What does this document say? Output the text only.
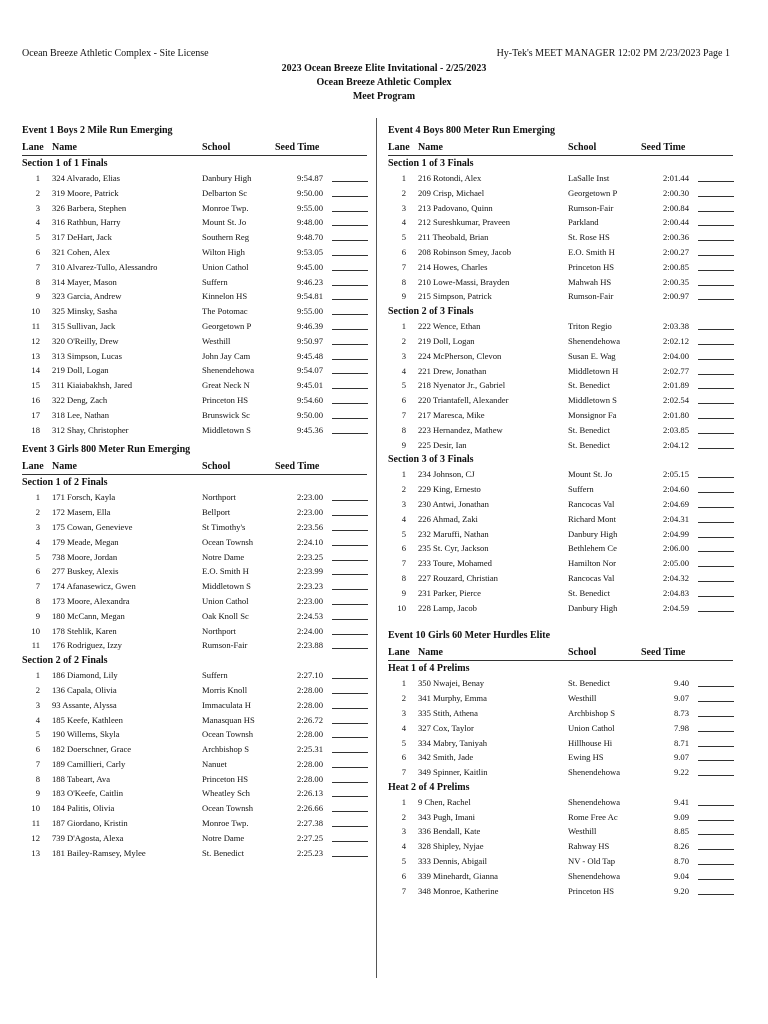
Ocean Breeze Athletic Complex - Site License	Hy-Tek's MEET MANAGER 12:02 PM 2/23/2023 Page 1
2023 Ocean Breeze Elite Invitational - 2/25/2023
Ocean Breeze Athletic Complex
Meet Program
Event 1 Boys 2 Mile Run Emerging
Lane Name	School	Seed Time
Section 1 of 1 Finals
1 324 Alvarado, Elias	Danbury High	9:54.87
2 319 Moore, Patrick	Delbarton Sc	9:50.00
3 326 Barbera, Stephen	Monroe Twp.	9:55.00
4 316 Rathbun, Harry	Mount St. Jo	9:48.00
5 317 DeHart, Jack	Southern Reg	9:48.70
6 321 Cohen, Alex	Wilton High	9:53.05
7 310 Alvarez-Tullo, Alessandro	Union Cathol	9:45.00
8 314 Mayer, Mason	Suffern	9:46.23
9 323 Garcia, Andrew	Kinnelon HS	9:54.81
10 325 Minsky, Sasha	The Potomac	9:55.00
11 315 Sullivan, Jack	Georgetown P	9:46.39
12 320 O'Reilly, Drew	Westhill	9:50.97
13 313 Simpson, Lucas	John Jay Cam	9:45.48
14 219 Doll, Logan	Shenendehowa	9:54.07
15 311 Kiaiabakhsh, Jared	Great Neck N	9:45.01
16 322 Deng, Zach	Princeton HS	9:54.60
17 318 Lee, Nathan	Brunswick Sc	9:50.00
18 312 Shay, Christopher	Middletown S	9:45.36
Event 3 Girls 800 Meter Run Emerging
Lane Name	School	Seed Time
Section 1 of 2 Finals
1 171 Forsch, Kayla	Northport	2:23.00
2 172 Masem, Ella	Bellport	2:23.00
3 175 Cowan, Genevieve	St Timothy's	2:23.56
4 179 Meade, Megan	Ocean Townsh	2:24.10
5 738 Moore, Jordan	Notre Dame	2:23.25
6 277 Buskey, Alexis	E.O. Smith H	2:23.99
7 174 Afanasewicz, Gwen	Middletown S	2:23.23
8 173 Moore, Alexandra	Union Cathol	2:23.00
9 180 McCann, Megan	Oak Knoll Sc	2:24.53
10 178 Stehlik, Karen	Northport	2:24.00
11 176 Rodriguez, Izzy	Rumson-Fair	2:23.88
Section 2 of 2 Finals
1 186 Diamond, Lily	Suffern	2:27.10
2 136 Capala, Olivia	Morris Knoll	2:28.00
3 93 Assante, Alyssa	Immaculata H	2:28.00
4 185 Keefe, Kathleen	Manasquan HS	2:26.72
5 190 Willems, Skyla	Ocean Townsh	2:28.00
6 182 Doerschner, Grace	Archbishop S	2:25.31
7 189 Camillieri, Carly	Nanuet	2:28.00
8 188 Tabeart, Ava	Princeton HS	2:28.00
9 183 O'Keefe, Caitlin	Wheatley Sch	2:26.13
10 184 Palitis, Olivia	Ocean Townsh	2:26.66
11 187 Giordano, Kristin	Monroe Twp.	2:27.38
12 739 D'Agosta, Alexa	Notre Dame	2:27.25
13 181 Bailey-Ramsey, Mylee	St. Benedict	2:25.23
Event 4 Boys 800 Meter Run Emerging
Lane Name	School	Seed Time
Section 1 of 3 Finals
1 216 Rotondi, Alex	LaSalle Inst	2:01.44
2 209 Crisp, Michael	Georgetown P	2:00.30
3 213 Padovano, Quinn	Rumson-Fair	2:00.84
4 212 Sureshkumar, Praveen	Parkland	2:00.44
5 211 Theobald, Brian	St. Rose HS	2:00.36
6 208 Robinson Smey, Jacob	E.O. Smith H	2:00.27
7 214 Howes, Charles	Princeton HS	2:00.85
8 210 Lowe-Massi, Brayden	Mahwah HS	2:00.35
9 215 Simpson, Patrick	Rumson-Fair	2:00.97
Section 2 of 3 Finals
1 222 Wence, Ethan	Triton Regio	2:03.38
2 219 Doll, Logan	Shenendehowa	2:02.12
3 224 McPherson, Clevon	Susan E. Wag	2:04.00
4 221 Drew, Jonathan	Middletown H	2:02.77
5 218 Nyenator Jr., Gabriel	St. Benedict	2:01.89
6 220 Triantafell, Alexander	Middletown S	2:02.54
7 217 Maresca, Mike	Monsignor Fa	2:01.80
8 223 Hernandez, Mathew	St. Benedict	2:03.85
9 225 Desir, Ian	St. Benedict	2:04.12
Section 3 of 3 Finals
1 234 Johnson, CJ	Mount St. Jo	2:05.15
2 229 King, Ernesto	Suffern	2:04.60
3 230 Antwi, Jonathan	Rancocas Val	2:04.69
4 226 Ahmad, Zaki	Richard Mont	2:04.31
5 232 Maruffi, Nathan	Danbury High	2:04.99
6 235 St. Cyr, Jackson	Bethlehem Ce	2:06.00
7 233 Toure, Mohamed	Hamilton Nor	2:05.00
8 227 Rouzard, Christian	Rancocas Val	2:04.32
9 231 Parker, Pierce	St. Benedict	2:04.83
10 228 Lamp, Jacob	Danbury High	2:04.59
Event 10 Girls 60 Meter Hurdles Elite
Lane Name	School	Seed Time
Heat 1 of 4 Prelims
1 350 Nwajei, Benay	St. Benedict	9.40
2 341 Murphy, Emma	Westhill	9.07
3 335 Stith, Athena	Archbishop S	8.73
4 327 Cox, Taylor	Union Cathol	7.98
5 334 Mabry, Taniyah	Hillhouse Hi	8.71
6 342 Smith, Jade	Ewing HS	9.07
7 349 Spinner, Kaitlin	Shenendehowa	9.22
Heat 2 of 4 Prelims
1 9 Chen, Rachel	Shenendehowa	9.41
2 343 Pugh, Imani	Rome Free Ac	9.09
3 336 Bendall, Kate	Westhill	8.85
4 328 Shipley, Nyjae	Rahway HS	8.26
5 333 Dennis, Abigail	NV - Old Tap	8.70
6 339 Minehardt, Gianna	Shenendehowa	9.04
7 348 Monroe, Katherine	Princeton HS	9.20
